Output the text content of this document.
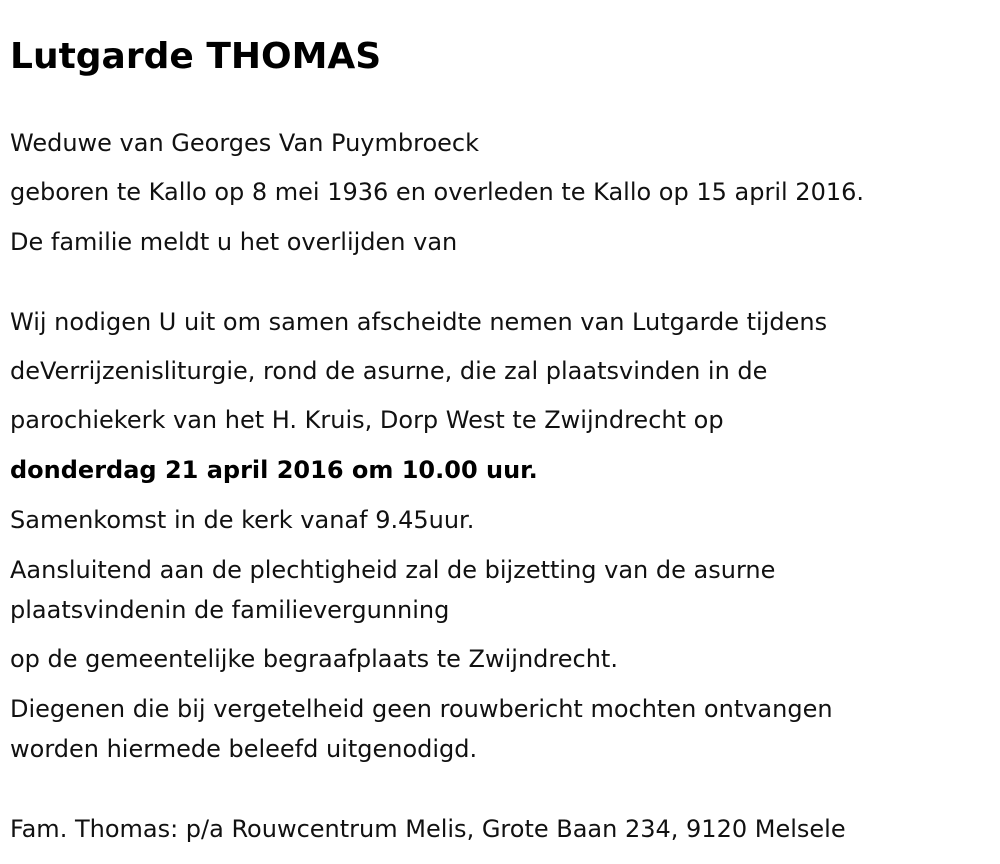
Lutgarde THOMAS

Weduwe van Georges Van Puymbroeck

geboren te Kallo op 8 mei 1936 en overleden te Kallo op 15 april 2016.

De familie meldt u het overlijden van

Wij nodigen U uit om samen afscheidte nemen van Lutgarde tijdens

deVerrijzenisliturgie, rond de asurne, die zal plaatsvinden in de

parochiekerk van het H. Kruis, Dorp West te Zwijndrecht op

donderdag 21 april 2016 om 10.00 uur.

Samenkomst in de kerk vanaf 9.45uur.

Aansluitend aan de plechtigheid zal de bijzetting van de asurne

plaatsvindenin de familievergunning

op de gemeentelijke begraafplaats te Zwijndrecht.

Diegenen die bij vergetelheid geen rouwbericht mochten ontvangen

worden hiermede beleefd uitgenodigd.

Fam. Thomas: p/a Rouwcentrum Melis, Grote Baan 234, 9120 Melsele
